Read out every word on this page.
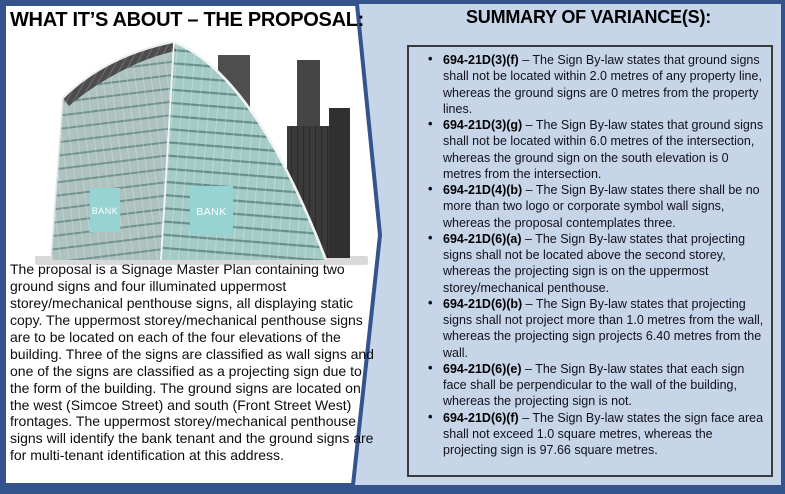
WHAT IT’S ABOUT – THE PROPOSAL:
BANK	BANK
The proposal is a Signage Master Plan containing two ground signs and four illuminated uppermost storey/mechanical penthouse signs, all displaying static copy. The uppermost storey/mechanical penthouse signs are to be located on each of the four elevations of the building. Three of the signs are classified as wall signs and one of the signs are classified as a projecting sign due to the form of the building. The ground signs are located on the west (Simcoe Street) and south (Front Street West) frontages. The uppermost storey/mechanical penthouse signs will identify the bank tenant and the ground signs are for multi-tenant identification at this address.
SUMMARY OF VARIANCE(S):
• 694-21D(3)(f) – The Sign By-law states that ground signs shall not be located within 2.0 metres of any property line, whereas the ground signs are 0 metres from the property lines.
• 694-21D(3)(g) – The Sign By-law states that ground signs shall not be located within 6.0 metres of the intersection, whereas the ground sign on the south elevation is 0 metres from the intersection.
• 694-21D(4)(b) – The Sign By-law states there shall be no more than two logo or corporate symbol wall signs, whereas the proposal contemplates three.
• 694-21D(6)(a) – The Sign By-law states that projecting signs shall not be located above the second storey, whereas the projecting sign is on the uppermost storey/mechanical penthouse.
• 694-21D(6)(b) – The Sign By-law states that projecting signs shall not project more than 1.0 metres from the wall, whereas the projecting sign projects 6.40 metres from the wall.
• 694-21D(6)(e) – The Sign By-law states that each sign face shall be perpendicular to the wall of the building, whereas the projecting sign is not.
• 694-21D(6)(f) – The Sign By-law states the sign face area shall not exceed 1.0 square metres, whereas the projecting sign is 97.66 square metres.
